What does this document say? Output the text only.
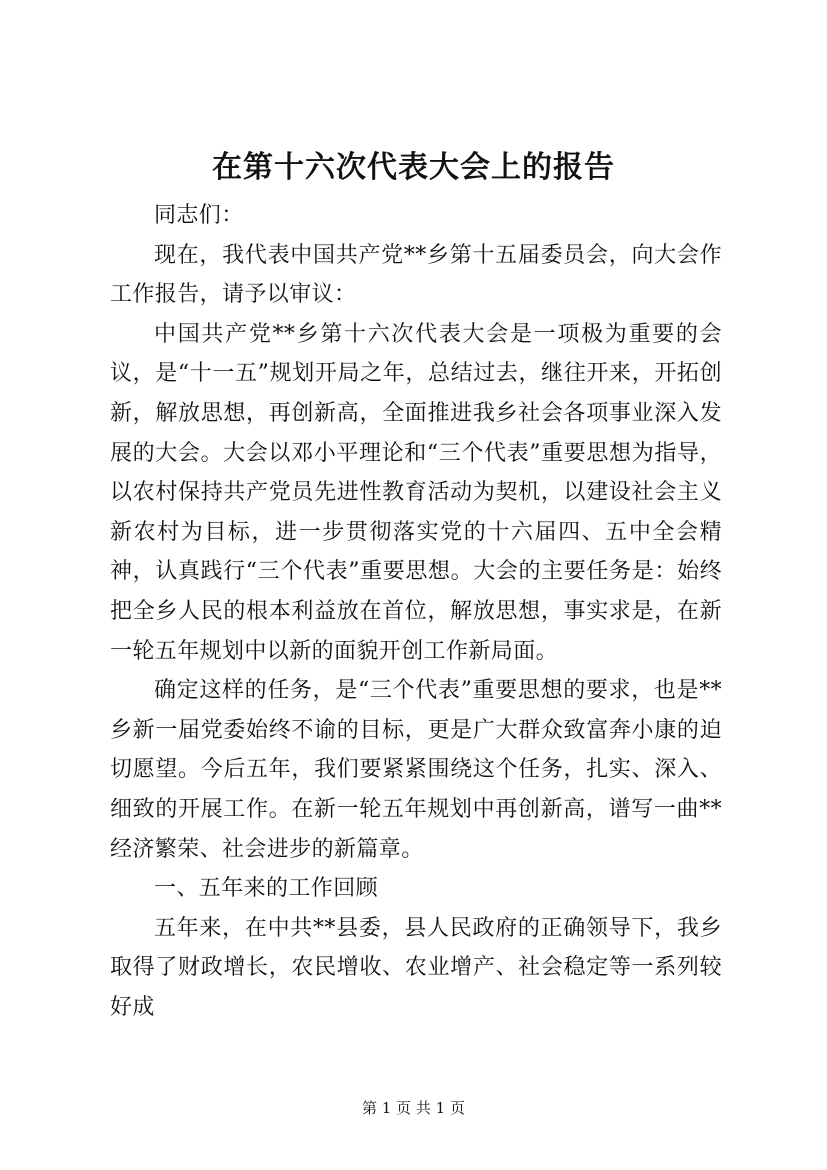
在第十六次代表大会上的报告

同志们：

现在，我代表中国共产党**乡第十五届委员会，向大会作工作报告，请予以审议：

中国共产党**乡第十六次代表大会是一项极为重要的会议，是“十一五”规划开局之年，总结过去，继往开来，开拓创新，解放思想，再创新高，全面推进我乡社会各项事业深入发展的大会。大会以邓小平理论和“三个代表”重要思想为指导，以农村保持共产党员先进性教育活动为契机，以建设社会主义新农村为目标，进一步贯彻落实党的十六届四、五中全会精神，认真践行“三个代表”重要思想。大会的主要任务是：始终把全乡人民的根本利益放在首位，解放思想，事实求是，在新一轮五年规划中以新的面貌开创工作新局面。

确定这样的任务，是“三个代表”重要思想的要求，也是**乡新一届党委始终不谕的目标，更是广大群众致富奔小康的迫切愿望。今后五年，我们要紧紧围绕这个任务，扎实、深入、细致的开展工作。在新一轮五年规划中再创新高，谱写一曲**经济繁荣、社会进步的新篇章。

一、五年来的工作回顾

五年来，在中共**县委，县人民政府的正确领导下，我乡取得了财政增长，农民增收、农业增产、社会稳定等一系列较好成

第 1 页 共 1 页
